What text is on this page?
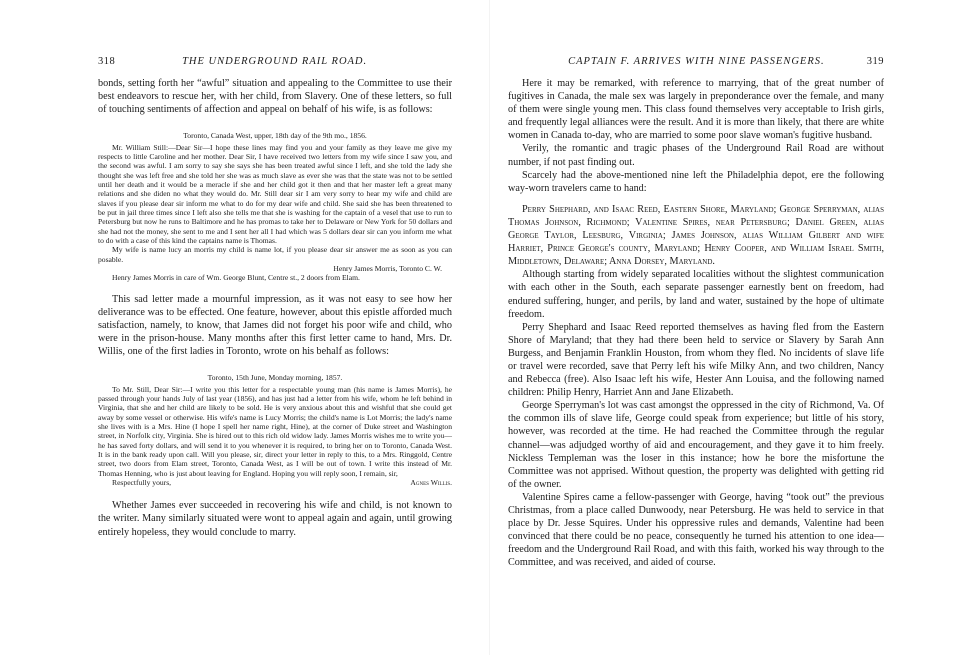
318	THE UNDERGROUND RAIL ROAD.

bonds, setting forth her “awful” situation and appealing to the Committee to use their best endeavors to rescue her, with her child, from Slavery. One of these letters, so full of touching sentiments of affection and appeal on behalf of his wife, is as follows:

Toronto, Canada West, upper, 18th day of the 9th mo., 1856.

Mr. William Still:—Dear Sir—I hope these lines may find you and your family as they leave me give my respects to little Caroline and her mother. Dear Sir, I have received two letters from my wife since I saw you, and the second was awful. I am sorry to say she says she has been treated awful since I left, and she told the lady she thought she was left free and she told her she was as much slave as ever she was that the state was not to be settled until her death and it would be a meracle if she and her child got it then and that her master left a great many relations and she diden no what they would do. Mr. Still dear sir I am very sorry to hear my wife and child are slaves if you please dear sir inform me what to do for my dear wife and child. She said she has been threatened to be put in jail three times since I left also she tells me that she is washing for the captain of a vesel that use to run to Petersburg but now he runs to Baltimore and he has promas to take her to Delaware or New York for 50 dollars and she had not the money, she sent to me and I sent her all I had which was 5 dollars dear sir can you inform me what to do with a case of this kind the captains name is Thomas.

My wife is name lucy an morris my child is name lot, if you please dear sir answer me as soon as you can posable.

Henry James Morris, Toronto C. W.

Henry James Morris in care of Wm. George Blunt, Centre st., 2 doors from Elam.

This sad letter made a mournful impression, as it was not easy to see how her deliverance was to be effected. One feature, however, about this epistle afforded much satisfaction, namely, to know, that James did not forget his poor wife and child, who were in the prison-house. Many months after this first letter came to hand, Mrs. Dr. Willis, one of the first ladies in Toronto, wrote on his behalf as follows:

Toronto, 15th June, Monday morning, 1857.

To Mr. Still, Dear Sir:—I write you this letter for a respectable young man (his name is James Morris), he passed through your hands July of last year (1856), and has just had a letter from his wife, whom he left behind in Virginia, that she and her child are likely to be sold. He is very anxious about this and wishful that she could get away by some vessel or otherwise. His wife's name is Lucy Morris; the child's name is Lot Morris; the lady's name she lives with is a Mrs. Hine (I hope I spell her name right, Hine), at the corner of Duke street and Washington street, in Norfolk city, Virginia. She is hired out to this rich old widow lady. James Morris wishes me to write you—he has saved forty dollars, and will send it to you whenever it is required, to bring her on to Toronto, Canada West. It is in the bank ready upon call. Will you please, sir, direct your letter in reply to this, to a Mrs. Ringgold, Centre street, two doors from Elam street, Toronto, Canada West, as I will be out of town. I write this instead of Mr. Thomas Henning, who is just about leaving for England. Hoping you will reply soon, I remain, sir,

Respectfully yours,	Agnes Willis.

Whether James ever succeeded in recovering his wife and child, is not known to the writer. Many similarly situated were wont to appeal again and again, until growing entirely hopeless, they would conclude to marry.

CAPTAIN F. ARRIVES WITH NINE PASSENGERS.	319

Here it may be remarked, with reference to marrying, that of the great number of fugitives in Canada, the male sex was largely in preponderance over the female, and many of them were single young men. This class found themselves very acceptable to Irish girls, and frequently legal alliances were the result. And it is more than likely, that there are white women in Canada to-day, who are married to some poor slave woman's fugitive husband.

Verily, the romantic and tragic phases of the Underground Rail Road are without number, if not past finding out.

Scarcely had the above-mentioned nine left the Philadelphia depot, ere the following way-worn travelers came to hand:

Perry Shephard, and Isaac Reed, Eastern Shore, Maryland; George Sperryman, alias Thomas Johnson, Richmond; Valentine Spires, near Petersburg; Daniel Green, alias George Taylor, Leesburg, Virginia; James Johnson, alias William Gilbert and wife Harriet, Prince George's county, Maryland; Henry Cooper, and William Israel Smith, Middletown, Delaware; Anna Dorsey, Maryland.

Although starting from widely separated localities without the slightest communication with each other in the South, each separate passenger earnestly bent on freedom, had endured suffering, hunger, and perils, by land and water, sustained by the hope of ultimate freedom.

Perry Shephard and Isaac Reed reported themselves as having fled from the Eastern Shore of Maryland; that they had there been held to service or Slavery by Sarah Ann Burgess, and Benjamin Franklin Houston, from whom they fled. No incidents of slave life or travel were recorded, save that Perry left his wife Milky Ann, and two children, Nancy and Rebecca (free). Also Isaac left his wife, Hester Ann Louisa, and the following named children: Philip Henry, Harriet Ann and Jane Elizabeth.

George Sperryman's lot was cast amongst the oppressed in the city of Richmond, Va. Of the common ills of slave life, George could speak from experience; but little of his story, however, was recorded at the time. He had reached the Committee through the regular channel—was adjudged worthy of aid and encouragement, and they gave it to him freely. Nickless Templeman was the loser in this instance; how he bore the misfortune the Committee was not apprised. Without question, the property was delighted with getting rid of the owner.

Valentine Spires came a fellow-passenger with George, having “took out” the previous Christmas, from a place called Dunwoody, near Petersburg. He was held to service in that place by Dr. Jesse Squires. Under his oppressive rules and demands, Valentine had been convinced that there could be no peace, consequently he turned his attention to one idea—freedom and the Underground Rail Road, and with this faith, worked his way through to the Committee, and was received, and aided of course.
